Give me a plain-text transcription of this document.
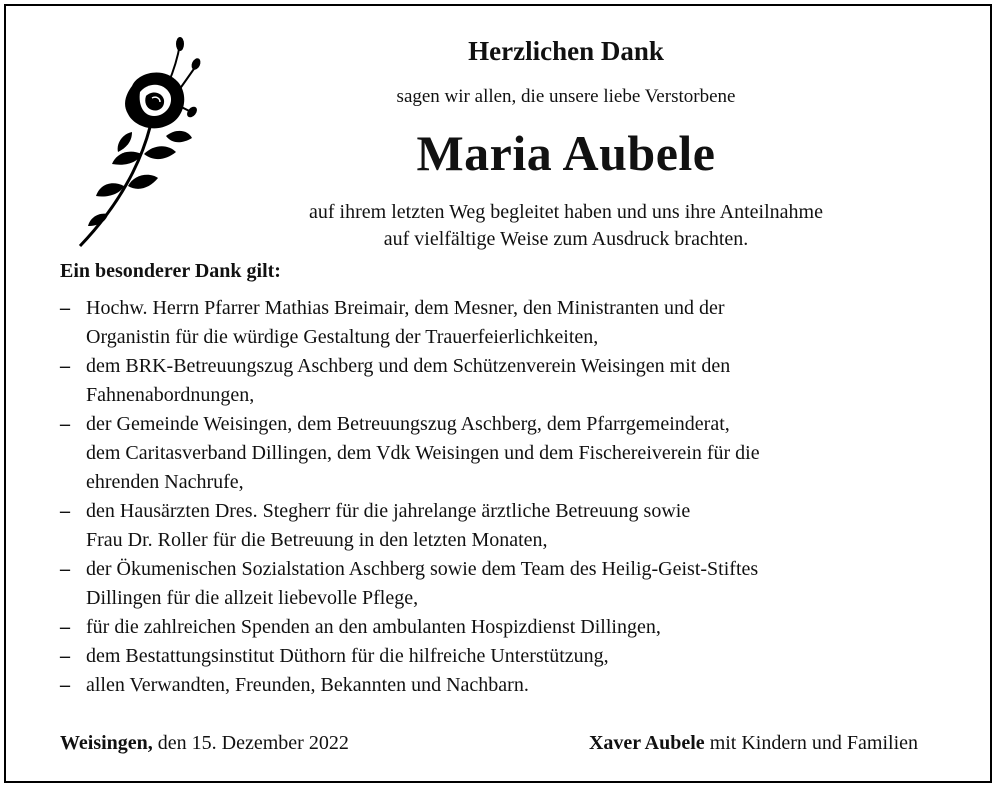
Herzlichen Dank
sagen wir allen, die unsere liebe Verstorbene
Maria Aubele
auf ihrem letzten Weg begleitet haben und uns ihre Anteilnahme
auf vielfältige Weise zum Ausdruck brachten.
Ein besonderer Dank gilt:
– Hochw. Herrn Pfarrer Mathias Breimair, dem Mesner, den Ministranten und der
Organistin für die würdige Gestaltung der Trauerfeierlichkeiten,
– dem BRK-Betreuungszug Aschberg und dem Schützenverein Weisingen mit den
Fahnenabordnungen,
– der Gemeinde Weisingen, dem Betreuungszug Aschberg, dem Pfarrgemeinderat,
dem Caritasverband Dillingen, dem Vdk Weisingen und dem Fischereiverein für die
ehrenden Nachrufe,
– den Hausärzten Dres. Stegherr für die jahrelange ärztliche Betreuung sowie
Frau Dr. Roller für die Betreuung in den letzten Monaten,
– der Ökumenischen Sozialstation Aschberg sowie dem Team des Heilig-Geist-Stiftes
Dillingen für die allzeit liebevolle Pflege,
– für die zahlreichen Spenden an den ambulanten Hospizdienst Dillingen,
– dem Bestattungsinstitut Düthorn für die hilfreiche Unterstützung,
– allen Verwandten, Freunden, Bekannten und Nachbarn.
Weisingen, den 15. Dezember 2022	Xaver Aubele mit Kindern und Familien
